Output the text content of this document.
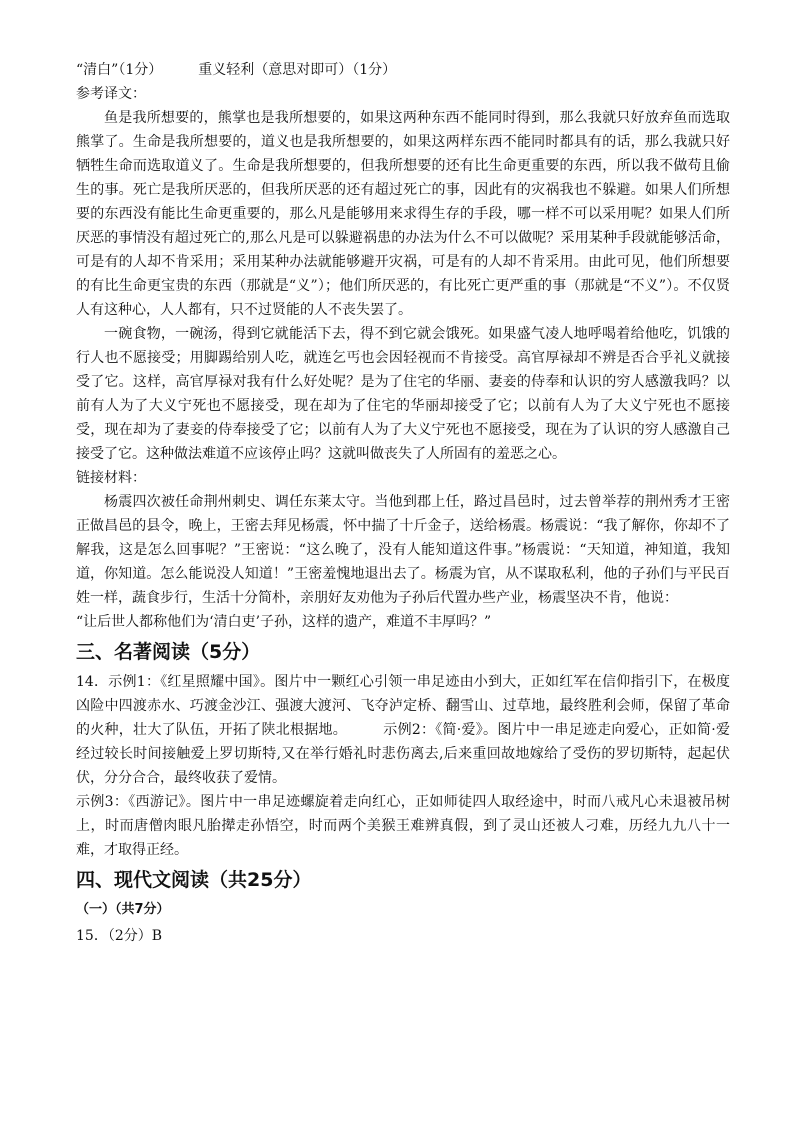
“清白”（1分）	重义轻利（意思对即可）（1分）
参考译文：

鱼是我所想要的，熊掌也是我所想要的，如果这两种东西不能同时得到，那么我就只好放弃鱼而选取熊掌了。生命是我所想要的，道义也是我所想要的，如果这两样东西不能同时都具有的话，那么我就只好牺牲生命而选取道义了。生命是我所想要的，但我所想要的还有比生命更重要的东西，所以我不做苟且偷生的事。死亡是我所厌恶的，但我所厌恶的还有超过死亡的事，因此有的灾祸我也不躲避。如果人们所想要的东西没有能比生命更重要的，那么凡是能够用来求得生存的手段，哪一样不可以采用呢？如果人们所厌恶的事情没有超过死亡的,那么凡是可以躲避祸患的办法为什么不可以做呢？采用某种手段就能够活命，可是有的人却不肯采用；采用某种办法就能够避开灾祸，可是有的人却不肯采用。由此可见，他们所想要的有比生命更宝贵的东西（那就是“义”）；他们所厌恶的，有比死亡更严重的事（那就是“不义”）。不仅贤人有这种心，人人都有，只不过贤能的人不丧失罢了。

一碗食物，一碗汤，得到它就能活下去，得不到它就会饿死。如果盛气凌人地呼喝着给他吃，饥饿的行人也不愿接受；用脚踢给别人吃，就连乞丐也会因轻视而不肯接受。高官厚禄却不辨是否合乎礼义就接受了它。这样，高官厚禄对我有什么好处呢？是为了住宅的华丽、妻妾的侍奉和认识的穷人感激我吗？以前有人为了大义宁死也不愿接受，现在却为了住宅的华丽却接受了它；以前有人为了大义宁死也不愿接受，现在却为了妻妾的侍奉接受了它；以前有人为了大义宁死也不愿接受，现在为了认识的穷人感激自己接受了它。这种做法难道不应该停止吗？这就叫做丧失了人所固有的羞恶之心。

链接材料：

杨震四次被任命荆州刺史、调任东莱太守。当他到郡上任，路过昌邑时，过去曾举荐的荆州秀才王密正做昌邑的县令，晚上，王密去拜见杨震，怀中揣了十斤金子，送给杨震。杨震说：“我了解你，你却不了解我，这是怎么回事呢？”王密说：“这么晚了，没有人能知道这件事。”杨震说：“天知道，神知道，我知道，你知道。怎么能说没人知道！”王密羞愧地退出去了。杨震为官，从不谋取私利，他的子孙们与平民百姓一样，蔬食步行，生活十分简朴，亲朋好友劝他为子孙后代置办些产业，杨震坚决不肯，他说：

“让后世人都称他们为‘清白吏’子孙，这样的遗产，难道不丰厚吗？”

三、名著阅读（5分）

14．示例1：《红星照耀中国》。图片中一颗红心引领一串足迹由小到大，正如红军在信仰指引下，在极度凶险中四渡赤水、巧渡金沙江、强渡大渡河、飞夺泸定桥、翻雪山、过草地，最终胜利会师，保留了革命的火种，壮大了队伍，开拓了陕北根据地。	示例2：《简·爱》。图片中一串足迹走向爱心，正如简·爱经过较长时间接触爱上罗切斯特,又在举行婚礼时悲伤离去,后来重回故地嫁给了受伤的罗切斯特，起起伏伏，分分合合，最终收获了爱情。

示例3：《西游记》。图片中一串足迹螺旋着走向红心，正如师徒四人取经途中，时而八戒凡心未退被吊树上，时而唐僧肉眼凡胎撵走孙悟空，时而两个美猴王难辨真假，到了灵山还被人刁难，历经九九八十一难，才取得正经。

四、现代文阅读（共25分）
（一）（共7分）
15．（2分）B
